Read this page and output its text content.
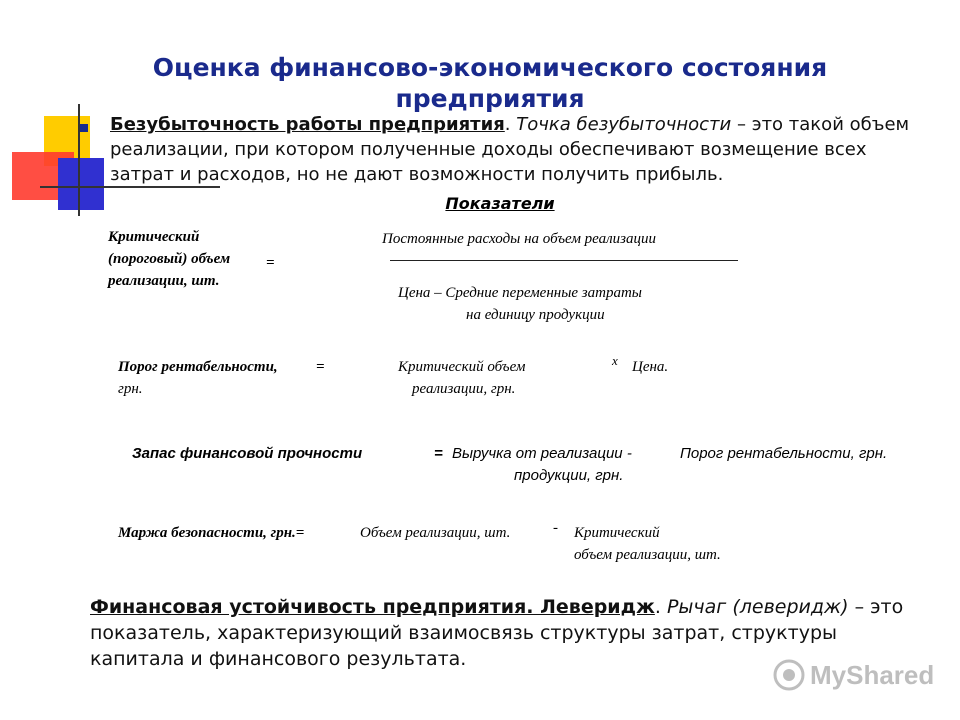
Оценка финансово-экономического состояния предприятия
Безубыточность работы предприятия. Точка безубыточности – это такой объем реализации, при котором полученные доходы обеспечивают возмещение всех затрат и расходов, но не дают возможности получить прибыль.
Показатели
Критический
(пороговый) объем =
реализации, шт.
Постоянные расходы на объем реализации
Цена – Средние переменные затраты
на единицу продукции
Порог рентабельности,	=
грн.
Критический объем
реализации, грн.
x Цена.
Запас финансовой прочности	= Выручка от реализации -
продукции, грн.
Порог рентабельности, грн.
Маржа безопасности, грн.=	Объем реализации, шт.	- Критический
объем реализации, шт.
Финансовая устойчивость предприятия. Леверидж. Рычаг (леверидж) – это показатель, характеризующий взаимосвязь структуры затрат, структуры капитала и финансового результата.
MyShared
